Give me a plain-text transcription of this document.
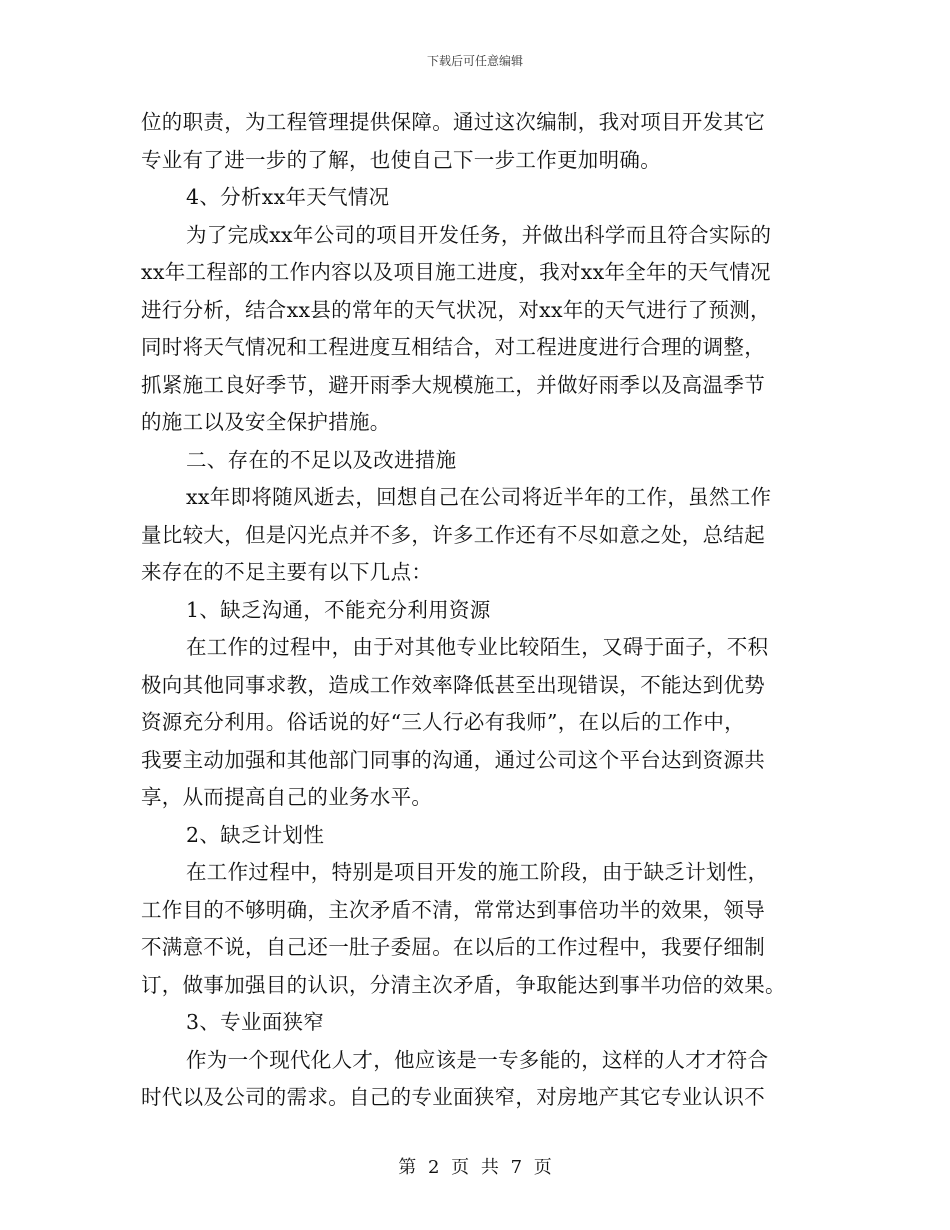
下载后可任意编辑
位的职责，为工程管理提供保障。通过这次编制，我对项目开发其它
专业有了进一步的了解，也使自己下一步工作更加明确。
4、分析xx年天气情况
为了完成xx年公司的项目开发任务，并做出科学而且符合实际的
xx年工程部的工作内容以及项目施工进度，我对xx年全年的天气情况
进行分析，结合xx县的常年的天气状况，对xx年的天气进行了预测，
同时将天气情况和工程进度互相结合，对工程进度进行合理的调整，
抓紧施工良好季节，避开雨季大规模施工，并做好雨季以及高温季节
的施工以及安全保护措施。
二、存在的不足以及改进措施
xx年即将随风逝去，回想自己在公司将近半年的工作，虽然工作
量比较大，但是闪光点并不多，许多工作还有不尽如意之处，总结起
来存在的不足主要有以下几点：
1、缺乏沟通，不能充分利用资源
在工作的过程中，由于对其他专业比较陌生，又碍于面子，不积
极向其他同事求教，造成工作效率降低甚至出现错误，不能达到优势
资源充分利用。俗话说的好“三人行必有我师”，在以后的工作中，
我要主动加强和其他部门同事的沟通，通过公司这个平台达到资源共
享，从而提高自己的业务水平。
2、缺乏计划性
在工作过程中，特别是项目开发的施工阶段，由于缺乏计划性，
工作目的不够明确，主次矛盾不清，常常达到事倍功半的效果，领导
不满意不说，自己还一肚子委屈。在以后的工作过程中，我要仔细制
订，做事加强目的认识，分清主次矛盾，争取能达到事半功倍的效果。
3、专业面狭窄
作为一个现代化人才，他应该是一专多能的，这样的人才才符合
时代以及公司的需求。自己的专业面狭窄，对房地产其它专业认识不
第 2 页 共 7 页
